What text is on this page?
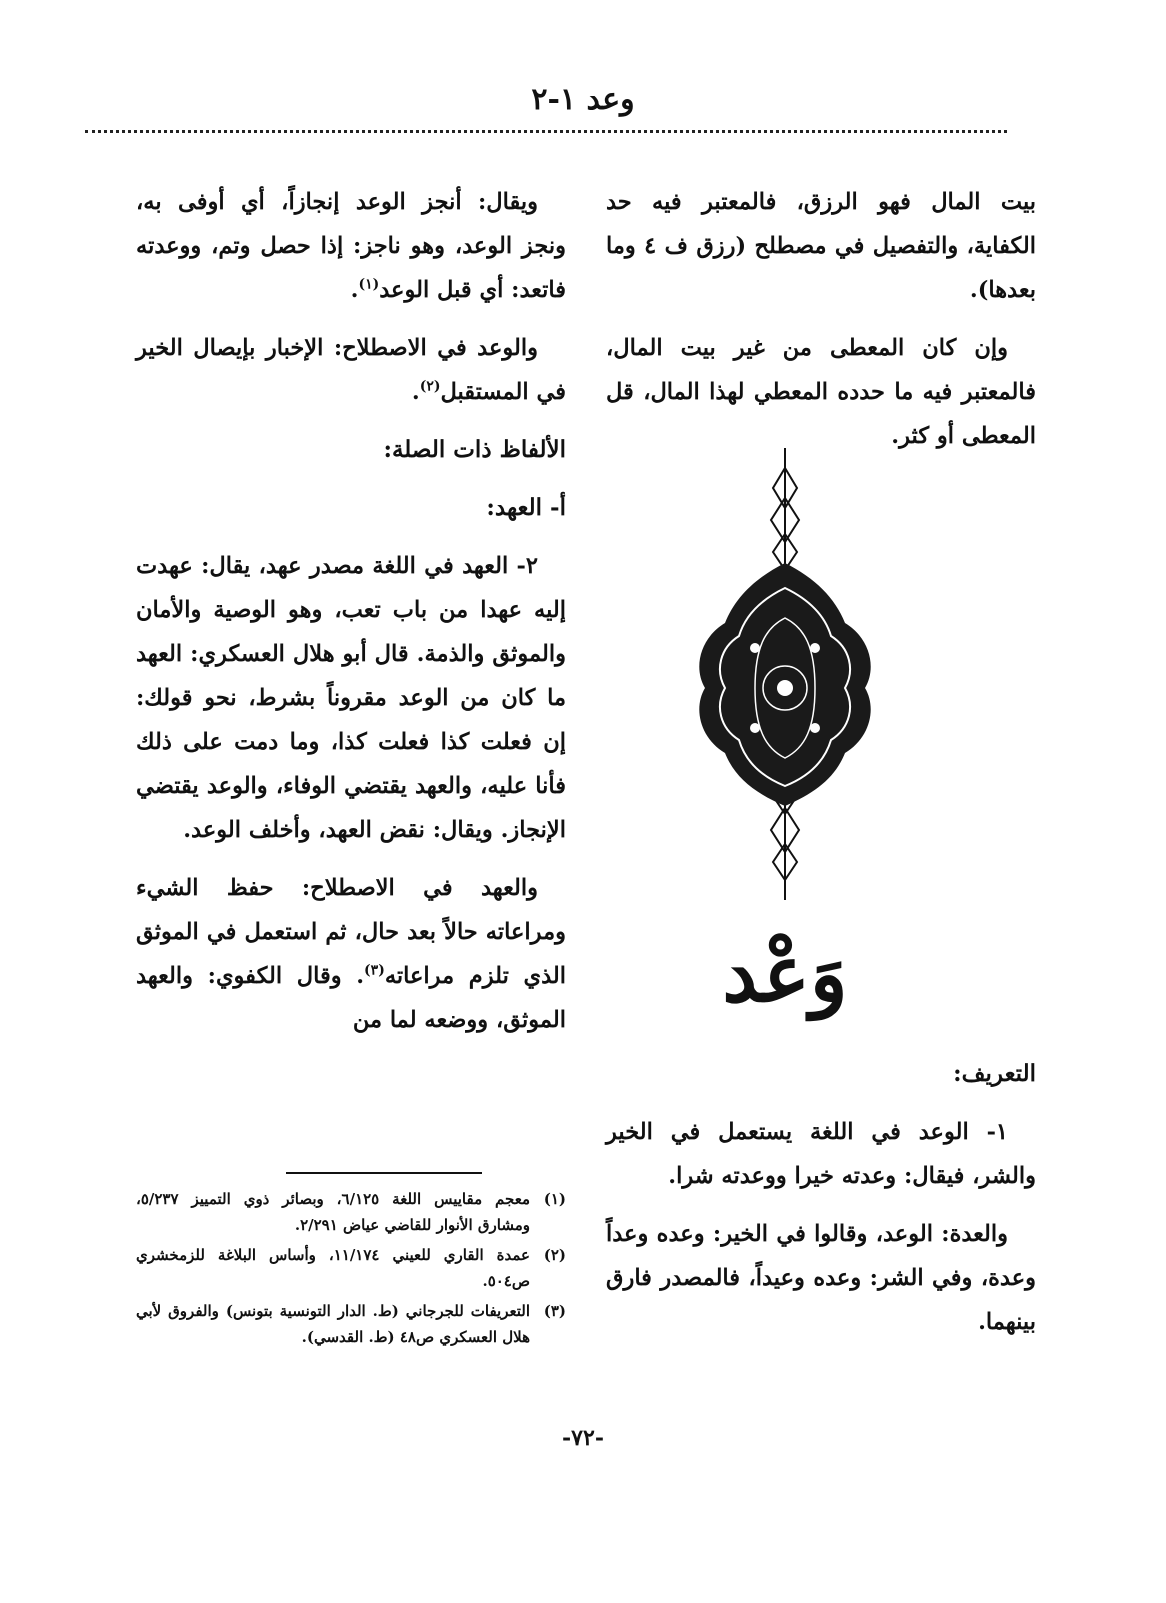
وعد ١-٢

بيت المال فهو الرزق، فالمعتبر فيه حد الكفاية، والتفصيل في مصطلح (رزق ف ٤ وما بعدها).

وإن كان المعطى من غير بيت المال، فالمعتبر فيه ما حدده المعطي لهذا المال، قل المعطى أو كثر.

وَعْد

التعريف:

١- الوعد في اللغة يستعمل في الخير والشر، فيقال: وعدته خيرا ووعدته شرا.

والعدة: الوعد، وقالوا في الخير: وعده وعداً وعدة، وفي الشر: وعده وعيداً، فالمصدر فارق بينهما.

ويقال: أنجز الوعد إنجازاً، أي أوفى به، ونجز الوعد، وهو ناجز: إذا حصل وتم، ووعدته فاتعد: أي قبل الوعد$^{(١)}$.

والوعد في الاصطلاح: الإخبار بإيصال الخير في المستقبل$^{(٢)}$.

الألفاظ ذات الصلة:

أ- العهد:

٢- العهد في اللغة مصدر عهد، يقال: عهدت إليه عهدا من باب تعب، وهو الوصية والأمان والموثق والذمة. قال أبو هلال العسكري: العهد ما كان من الوعد مقروناً بشرط، نحو قولك: إن فعلت كذا فعلت كذا، وما دمت على ذلك فأنا عليه، والعهد يقتضي الوفاء، والوعد يقتضي الإنجاز. ويقال: نقض العهد، وأخلف الوعد.

والعهد في الاصطلاح: حفظ الشيء ومراعاته حالاً بعد حال، ثم استعمل في الموثق الذي تلزم مراعاته$^{(٣)}$. وقال الكفوي: والعهد الموثق، ووضعه لما من

(١)
معجم مقاييس اللغة ٦/١٢٥، وبصائر ذوي التمييز ٥/٢٣٧، ومشارق الأنوار للقاضي عياض ٢/٢٩١.
(٢)
عمدة القاري للعيني ١١/١٧٤، وأساس البلاغة للزمخشري ص٥٠٤.
(٣)
التعريفات للجرجاني (ط. الدار التونسية بتونس) والفروق لأبي هلال العسكري ص٤٨ (ط. القدسي).
-٧٢-
